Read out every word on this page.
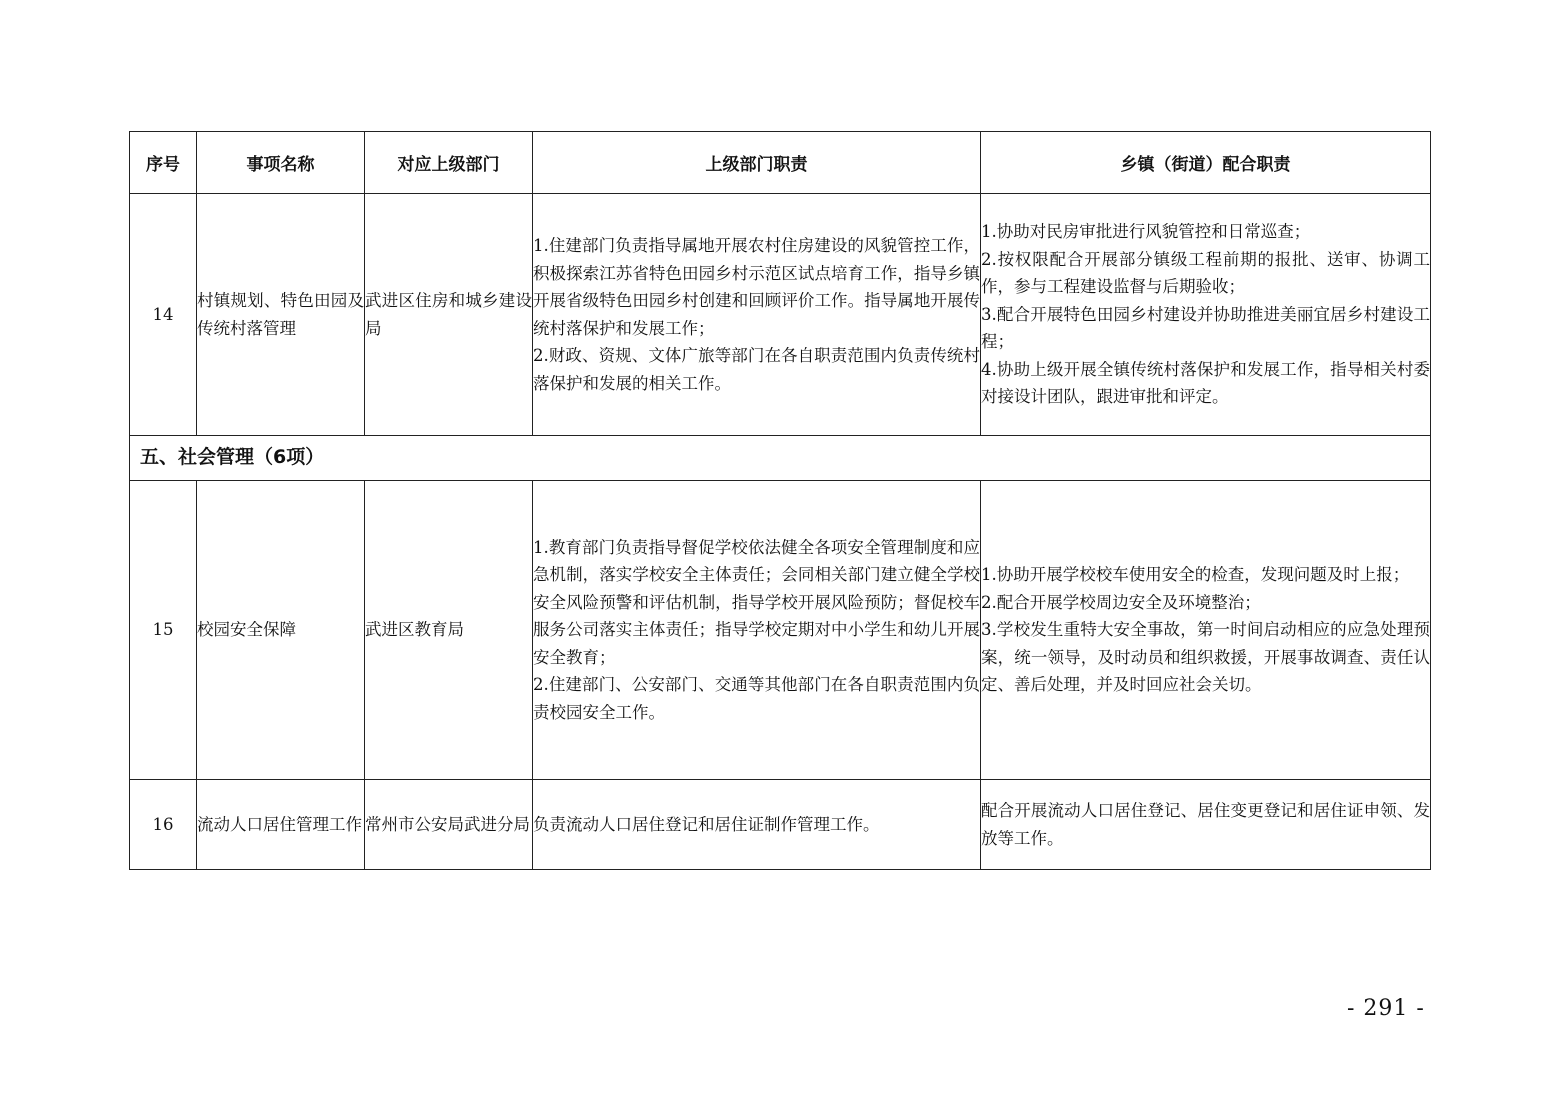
序号	事项名称	对应上级部门	上级部门职责	乡镇（街道）配合职责
14	村镇规划、特色田园及传统村落管理	武进区住房和城乡建设局	1.住建部门负责指导属地开展农村住房建设的风貌管控工作，积极探索江苏省特色田园乡村示范区试点培育工作，指导乡镇开展省级特色田园乡村创建和回顾评价工作。指导属地开展传统村落保护和发展工作；
2.财政、资规、文体广旅等部门在各自职责范围内负责传统村落保护和发展的相关工作。	1.协助对民房审批进行风貌管控和日常巡查；
2.按权限配合开展部分镇级工程前期的报批、送审、协调工作，参与工程建设监督与后期验收；
3.配合开展特色田园乡村建设并协助推进美丽宜居乡村建设工程；
4.协助上级开展全镇传统村落保护和发展工作，指导相关村委对接设计团队，跟进审批和评定。

五、社会管理（6项）				
15	校园安全保障	武进区教育局	1.教育部门负责指导督促学校依法健全各项安全管理制度和应急机制，落实学校安全主体责任；会同相关部门建立健全学校安全风险预警和评估机制，指导学校开展风险预防；督促校车服务公司落实主体责任；指导学校定期对中小学生和幼儿开展安全教育；
2.住建部门、公安部门、交通等其他部门在各自职责范围内负责校园安全工作。	1.协助开展学校校车使用安全的检查，发现问题及时上报；
2.配合开展学校周边安全及环境整治；
3.学校发生重特大安全事故，第一时间启动相应的应急处理预案，统一领导，及时动员和组织救援，开展事故调查、责任认定、善后处理，并及时回应社会关切。

16	流动人口居住管理工作	常州市公安局武进分局	负责流动人口居住登记和居住证制作管理工作。	配合开展流动人口居住登记、居住变更登记和居住证申领、发放等工作。
- 291 -
